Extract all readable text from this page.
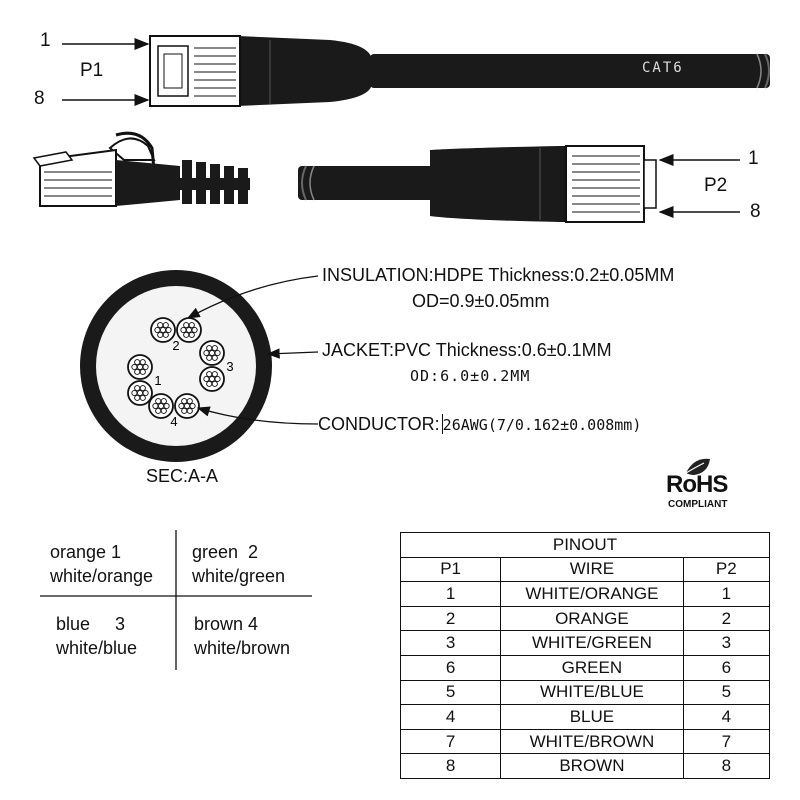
1
2
3
4
1
P1
8
CAT6
1
P2
8
SEC:A-A
INSULATION:HDPE Thickness:0.2±0.05MM
OD=0.9±0.05mm
JACKET:PVC Thickness:0.6±0.1MM
OD:6.0±0.2MM
CONDUCTOR: 26AWG(7/0.162±0.008mm)
RoHS
COMPLIANT
orange 1
white/orange
green  2
white/green
blue     3
white/blue
brown 4
white/brown
PINOUT		
P1	WIRE	P2
1	WHITE/ORANGE	1
2	ORANGE	2
3	WHITE/GREEN	3
6	GREEN	6
5	WHITE/BLUE	5
4	BLUE	4
7	WHITE/BROWN	7
8	BROWN	8
